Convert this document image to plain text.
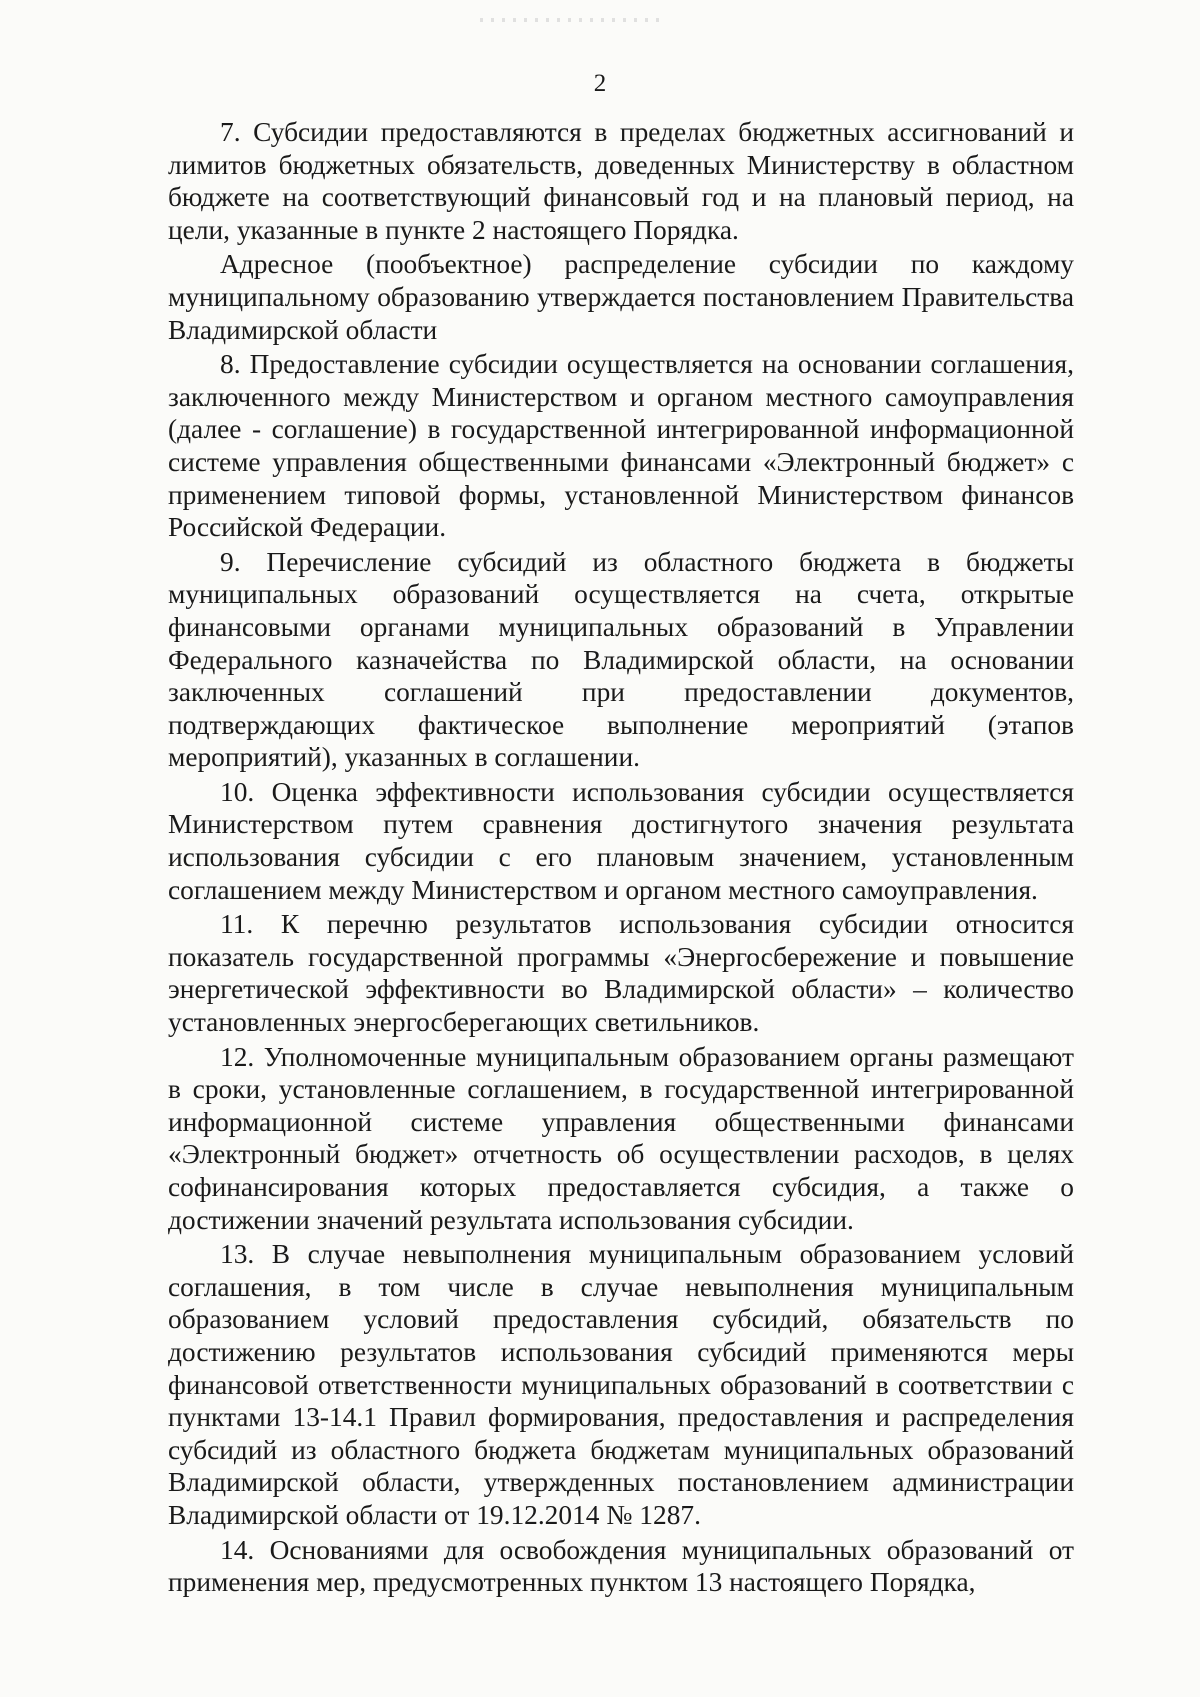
2

7. Субсидии предоставляются в пределах бюджетных ассигнований и лимитов бюджетных обязательств, доведенных Министерству в областном бюджете на соответствующий финансовый год и на плановый период, на цели, указанные в пункте 2 настоящего Порядка.

Адресное (пообъектное) распределение субсидии по каждому муниципальному образованию утверждается постановлением Правительства Владимирской области

8. Предоставление субсидии осуществляется на основании соглашения, заключенного между Министерством и органом местного самоуправления (далее - соглашение) в государственной интегрированной информационной системе управления общественными финансами «Электронный бюджет» с применением типовой формы, установленной Министерством финансов Российской Федерации.

9. Перечисление субсидий из областного бюджета в бюджеты муниципальных образований осуществляется на счета, открытые финансовыми органами муниципальных образований в Управлении Федерального казначейства по Владимирской области, на основании заключенных соглашений при предоставлении документов, подтверждающих фактическое выполнение мероприятий (этапов мероприятий), указанных в соглашении.

10. Оценка эффективности использования субсидии осуществляется Министерством путем сравнения достигнутого значения результата использования субсидии с его плановым значением, установленным соглашением между Министерством и органом местного самоуправления.

11. К перечню результатов использования субсидии относится показатель государственной программы «Энергосбережение и повышение энергетической эффективности во Владимирской области» – количество установленных энергосберегающих светильников.

12. Уполномоченные муниципальным образованием органы размещают в сроки, установленные соглашением, в государственной интегрированной информационной системе управления общественными финансами «Электронный бюджет» отчетность об осуществлении расходов, в целях софинансирования которых предоставляется субсидия, а также о достижении значений результата использования субсидии.

13. В случае невыполнения муниципальным образованием условий соглашения, в том числе в случае невыполнения муниципальным образованием условий предоставления субсидий, обязательств по достижению результатов использования субсидий применяются меры финансовой ответственности муниципальных образований в соответствии с пунктами 13-14.1 Правил формирования, предоставления и распределения субсидий из областного бюджета бюджетам муниципальных образований Владимирской области, утвержденных постановлением администрации Владимирской области от 19.12.2014 № 1287.

14. Основаниями для освобождения муниципальных образований от применения мер, предусмотренных пунктом 13 настоящего Порядка,
